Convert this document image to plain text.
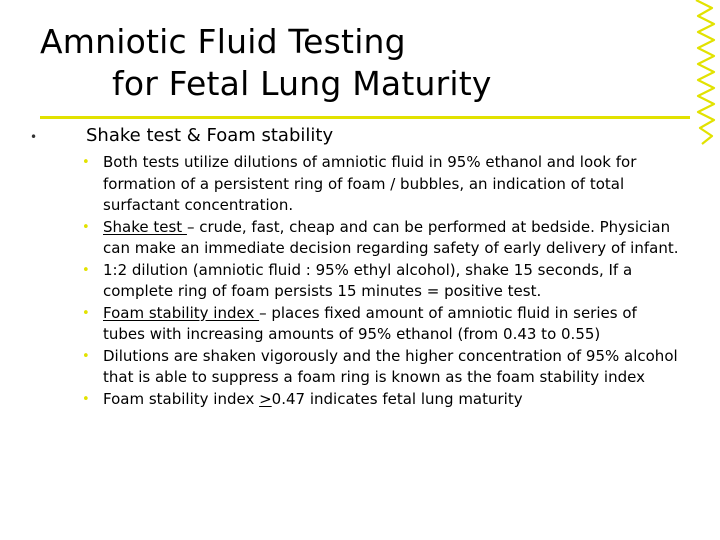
Amniotic Fluid Testing
for Fetal Lung Maturity
•	Shake test & Foam stability
• Both tests utilize dilutions of amniotic fluid in 95% ethanol and look for formation of a persistent ring of foam / bubbles, an indication of total surfactant concentration.
• Shake test – crude, fast, cheap and can be performed at bedside. Physician can make an immediate decision regarding safety of early delivery of infant.
• 1:2 dilution (amniotic fluid : 95% ethyl alcohol), shake 15 seconds, If a complete ring of foam persists 15 minutes = positive test.
• Foam stability index – places fixed amount of amniotic fluid in series of tubes with increasing amounts of 95% ethanol (from 0.43 to 0.55)
• Dilutions are shaken vigorously and the higher concentration of 95% alcohol that is able to suppress a foam ring is known as the foam stability index
• Foam stability index ≥0.47 indicates fetal lung maturity
